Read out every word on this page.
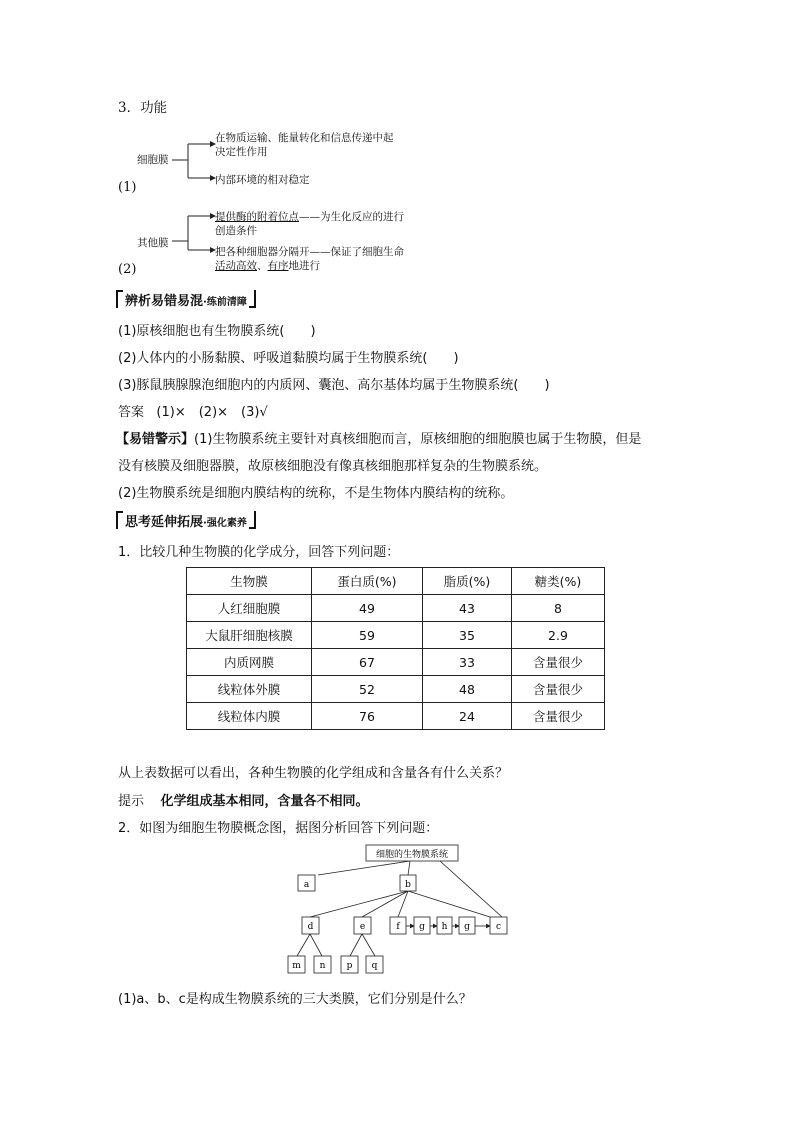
3．功能
细胞膜
在物质运输、能量转化和信息传递中起
决定性作用
内部环境的相对稳定
(1)
其他膜
提供酶的附着位点——为生化反应的进行
创造条件
把各种细胞器分隔开——保证了细胞生命
活动高效、有序地进行
(2)
辨析易错易混·练前清障
(1)原核细胞也有生物膜系统(　　)
(2)人体内的小肠黏膜、呼吸道黏膜均属于生物膜系统(　　)
(3)豚鼠胰腺腺泡细胞内的内质网、囊泡、高尔基体均属于生物膜系统(　　)
答案 (1)×　(2)×　(3)√
【易错警示】(1)生物膜系统主要针对真核细胞而言，原核细胞的细胞膜也属于生物膜，但是
没有核膜及细胞器膜，故原核细胞没有像真核细胞那样复杂的生物膜系统。
(2)生物膜系统是细胞内膜结构的统称，不是生物体内膜结构的统称。
思考延伸拓展·强化素养
1．比较几种生物膜的化学成分，回答下列问题：
生物膜	蛋白质(%)	脂质(%)	糖类(%)
人红细胞膜	49	43	8
大鼠肝细胞核膜	59	35	2.9
内质网膜	67	33	含量很少
线粒体外膜	52	48	含量很少
线粒体内膜	76	24	含量很少
从上表数据可以看出，各种生物膜的化学组成和含量各有什么关系？
提示 化学组成基本相同，含量各不相同。
2．如图为细胞生物膜概念图，据图分析回答下列问题：
细胞的生物膜系统
a	b
d	e	f g h g	c
m n p q
(1)a、b、c是构成生物膜系统的三大类膜，它们分别是什么？
